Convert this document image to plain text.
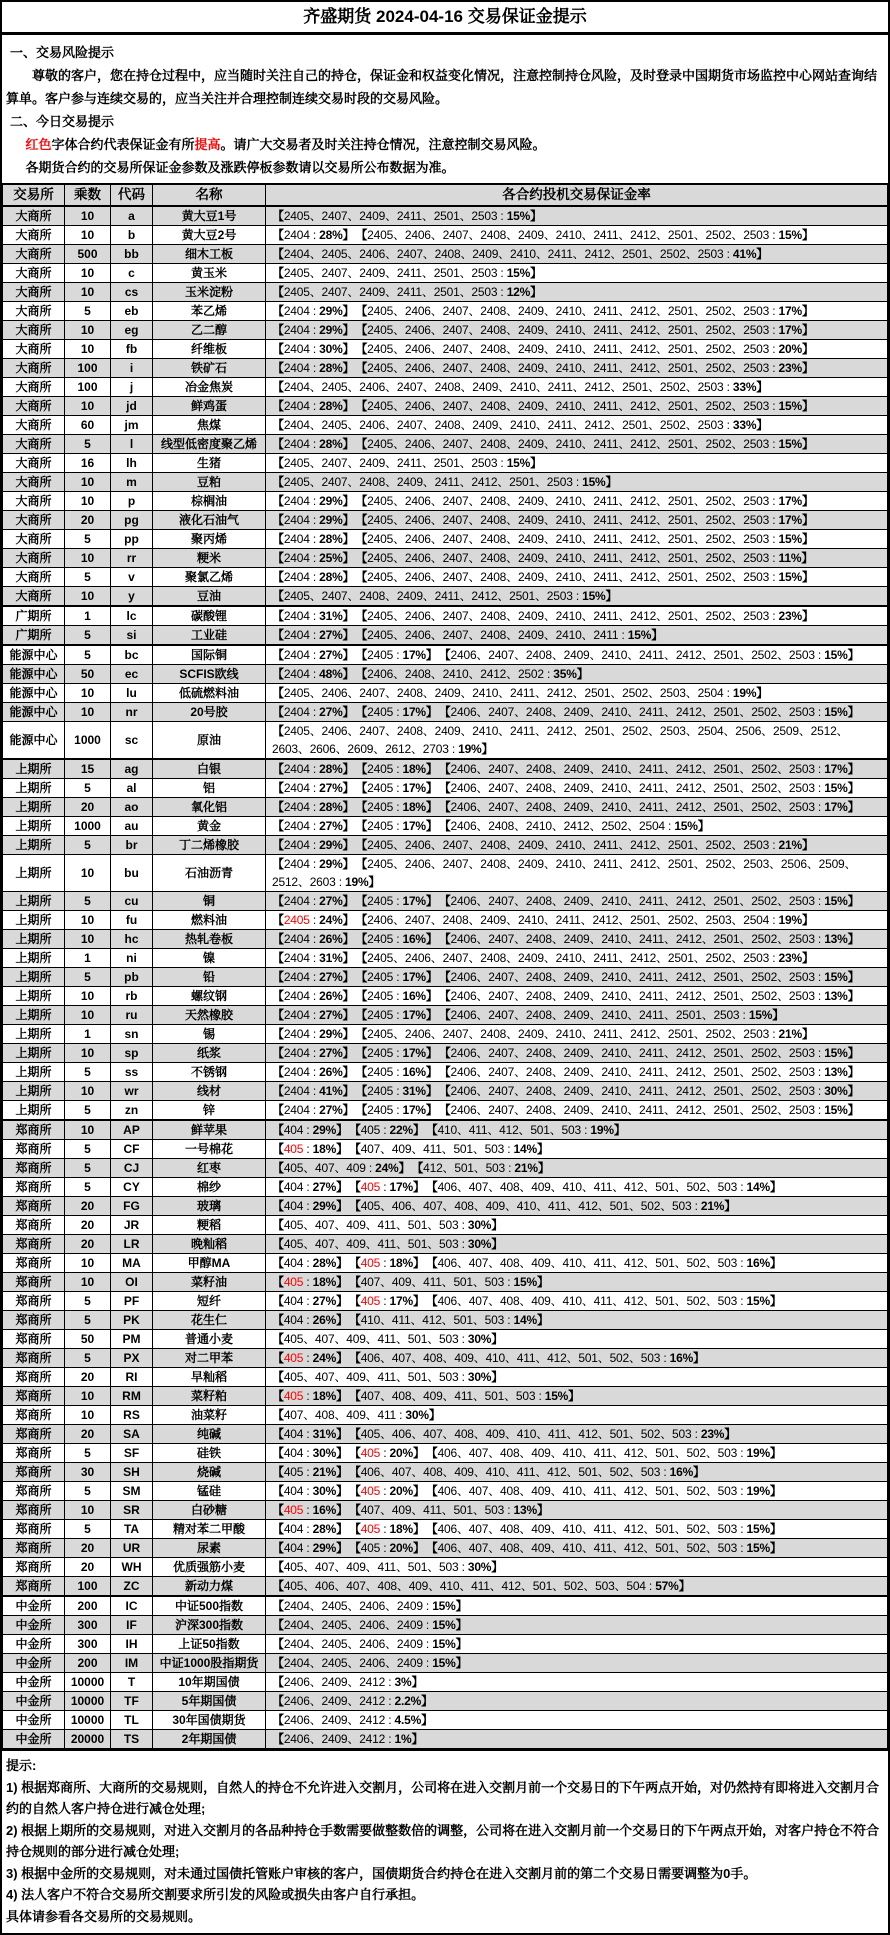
齐盛期货 2024-04-16 交易保证金提示
一、交易风险提示
尊敬的客户，您在持仓过程中，应当随时关注自己的持仓，保证金和权益变化情况，注意控制持仓风险，及时登录中国期货市场监控中心网站查询结算单。客户参与连续交易的，应当关注并合理控制连续交易时段的交易风险。
二、今日交易提示
红色字体合约代表保证金有所提高。请广大交易者及时关注持仓情况，注意控制交易风险。
各期货合约的交易所保证金参数及涨跌停板参数请以交易所公布数据为准。
交易所	乘数	代码	名称	各合约投机交易保证金率
大商所	10	a	黄大豆1号	【2405、2407、2409、2411、2501、2503 : 15%】
大商所	10	b	黄大豆2号	【2404 : 28%】 【2405、2406、2407、2408、2409、2410、2411、2412、2501、2502、2503 : 15%】
大商所	500	bb	细木工板	【2404、2405、2406、2407、2408、2409、2410、2411、2412、2501、2502、2503 : 41%】
大商所	10	c	黄玉米	【2405、2407、2409、2411、2501、2503 : 15%】
大商所	10	cs	玉米淀粉	【2405、2407、2409、2411、2501、2503 : 12%】
大商所	5	eb	苯乙烯	【2404 : 29%】 【2405、2406、2407、2408、2409、2410、2411、2412、2501、2502、2503 : 17%】
大商所	10	eg	乙二醇	【2404 : 29%】 【2405、2406、2407、2408、2409、2410、2411、2412、2501、2502、2503 : 17%】
大商所	10	fb	纤维板	【2404 : 30%】 【2405、2406、2407、2408、2409、2410、2411、2412、2501、2502、2503 : 20%】
大商所	100	i	铁矿石	【2404 : 28%】 【2405、2406、2407、2408、2409、2410、2411、2412、2501、2502、2503 : 23%】
大商所	100	j	冶金焦炭	【2404、2405、2406、2407、2408、2409、2410、2411、2412、2501、2502、2503 : 33%】
大商所	10	jd	鲜鸡蛋	【2404 : 28%】 【2405、2406、2407、2408、2409、2410、2411、2412、2501、2502、2503 : 15%】
大商所	60	jm	焦煤	【2404、2405、2406、2407、2408、2409、2410、2411、2412、2501、2502、2503 : 33%】
大商所	5	l	线型低密度聚乙烯	【2404 : 28%】 【2405、2406、2407、2408、2409、2410、2411、2412、2501、2502、2503 : 15%】
大商所	16	lh	生猪	【2405、2407、2409、2411、2501、2503 : 15%】
大商所	10	m	豆粕	【2405、2407、2408、2409、2411、2412、2501、2503 : 15%】
大商所	10	p	棕榈油	【2404 : 29%】 【2405、2406、2407、2408、2409、2410、2411、2412、2501、2502、2503 : 17%】
大商所	20	pg	液化石油气	【2404 : 29%】 【2405、2406、2407、2408、2409、2410、2411、2412、2501、2502、2503 : 17%】
大商所	5	pp	聚丙烯	【2404 : 28%】 【2405、2406、2407、2408、2409、2410、2411、2412、2501、2502、2503 : 15%】
大商所	10	rr	粳米	【2404 : 25%】 【2405、2406、2407、2408、2409、2410、2411、2412、2501、2502、2503 : 11%】
大商所	5	v	聚氯乙烯	【2404 : 28%】 【2405、2406、2407、2408、2409、2410、2411、2412、2501、2502、2503 : 15%】
大商所	10	y	豆油	【2405、2407、2408、2409、2411、2412、2501、2503 : 15%】
广期所	1	lc	碳酸锂	【2404 : 31%】 【2405、2406、2407、2408、2409、2410、2411、2412、2501、2502、2503 : 23%】
广期所	5	si	工业硅	【2404 : 27%】 【2405、2406、2407、2408、2409、2410、2411 : 15%】
能源中心	5	bc	国际铜	【2404 : 27%】 【2405 : 17%】 【2406、2407、2408、2409、2410、2411、2412、2501、2502、2503 : 15%】
能源中心	50	ec	SCFIS欧线	【2404 : 48%】 【2406、2408、2410、2412、2502 : 35%】
能源中心	10	lu	低硫燃料油	【2405、2406、2407、2408、2409、2410、2411、2412、2501、2502、2503、2504 : 19%】
能源中心	10	nr	20号胶	【2404 : 27%】 【2405 : 17%】 【2406、2407、2408、2409、2410、2411、2412、2501、2502、2503 : 15%】
能源中心	1000	sc	原油	【2405、2406、2407、2408、2409、2410、2411、2412、2501、2502、2503、2504、2506、2509、2512、2603、2606、2609、2612、2703 : 19%】
上期所	15	ag	白银	【2404 : 28%】 【2405 : 18%】 【2406、2407、2408、2409、2410、2411、2412、2501、2502、2503 : 17%】
上期所	5	al	铝	【2404 : 27%】 【2405 : 17%】 【2406、2407、2408、2409、2410、2411、2412、2501、2502、2503 : 15%】
上期所	20	ao	氧化铝	【2404 : 28%】 【2405 : 18%】 【2406、2407、2408、2409、2410、2411、2412、2501、2502、2503 : 17%】
上期所	1000	au	黄金	【2404 : 27%】 【2405 : 17%】 【2406、2408、2410、2412、2502、2504 : 15%】
上期所	5	br	丁二烯橡胶	【2404 : 29%】 【2405、2406、2407、2408、2409、2410、2411、2412、2501、2502、2503 : 21%】
上期所	10	bu	石油沥青	【2404 : 29%】 【2405、2406、2407、2408、2409、2410、2411、2412、2501、2502、2503、2506、2509、2512、2603 : 19%】
上期所	5	cu	铜	【2404 : 27%】 【2405 : 17%】 【2406、2407、2408、2409、2410、2411、2412、2501、2502、2503 : 15%】
上期所	10	fu	燃料油	【2405 : 24%】 【2406、2407、2408、2409、2410、2411、2412、2501、2502、2503、2504 : 19%】
上期所	10	hc	热轧卷板	【2404 : 26%】 【2405 : 16%】 【2406、2407、2408、2409、2410、2411、2412、2501、2502、2503 : 13%】
上期所	1	ni	镍	【2404 : 31%】 【2405、2406、2407、2408、2409、2410、2411、2412、2501、2502、2503 : 23%】
上期所	5	pb	铅	【2404 : 27%】 【2405 : 17%】 【2406、2407、2408、2409、2410、2411、2412、2501、2502、2503 : 15%】
上期所	10	rb	螺纹钢	【2404 : 26%】 【2405 : 16%】 【2406、2407、2408、2409、2410、2411、2412、2501、2502、2503 : 13%】
上期所	10	ru	天然橡胶	【2404 : 27%】 【2405 : 17%】 【2406、2407、2408、2409、2410、2411、2501、2503 : 15%】
上期所	1	sn	锡	【2404 : 29%】 【2405、2406、2407、2408、2409、2410、2411、2412、2501、2502、2503 : 21%】
上期所	10	sp	纸浆	【2404 : 27%】 【2405 : 17%】 【2406、2407、2408、2409、2410、2411、2412、2501、2502、2503 : 15%】
上期所	5	ss	不锈钢	【2404 : 26%】 【2405 : 16%】 【2406、2407、2408、2409、2410、2411、2412、2501、2502、2503 : 13%】
上期所	10	wr	线材	【2404 : 41%】 【2405 : 31%】 【2406、2407、2408、2409、2410、2411、2412、2501、2502、2503 : 30%】
上期所	5	zn	锌	【2404 : 27%】 【2405 : 17%】 【2406、2407、2408、2409、2410、2411、2412、2501、2502、2503 : 15%】
郑商所	10	AP	鲜苹果	【404 : 29%】 【405 : 22%】 【410、411、412、501、503 : 19%】
郑商所	5	CF	一号棉花	【405 : 18%】 【407、409、411、501、503 : 14%】
郑商所	5	CJ	红枣	【405、407、409 : 24%】 【412、501、503 : 21%】
郑商所	5	CY	棉纱	【404 : 27%】 【405 : 17%】 【406、407、408、409、410、411、412、501、502、503 : 14%】
郑商所	20	FG	玻璃	【404 : 29%】 【405、406、407、408、409、410、411、412、501、502、503 : 21%】
郑商所	20	JR	粳稻	【405、407、409、411、501、503 : 30%】
郑商所	20	LR	晚籼稻	【405、407、409、411、501、503 : 30%】
郑商所	10	MA	甲醇MA	【404 : 28%】 【405 : 18%】 【406、407、408、409、410、411、412、501、502、503 : 16%】
郑商所	10	OI	菜籽油	【405 : 18%】 【407、409、411、501、503 : 15%】
郑商所	5	PF	短纤	【404 : 27%】 【405 : 17%】 【406、407、408、409、410、411、412、501、502、503 : 15%】
郑商所	5	PK	花生仁	【404 : 26%】 【410、411、412、501、503 : 14%】
郑商所	50	PM	普通小麦	【405、407、409、411、501、503 : 30%】
郑商所	5	PX	对二甲苯	【405 : 24%】 【406、407、408、409、410、411、412、501、502、503 : 16%】
郑商所	20	RI	早籼稻	【405、407、409、411、501、503 : 30%】
郑商所	10	RM	菜籽粕	【405 : 18%】 【407、408、409、411、501、503 : 15%】
郑商所	10	RS	油菜籽	【407、408、409、411 : 30%】
郑商所	20	SA	纯碱	【404 : 31%】 【405、406、407、408、409、410、411、412、501、502、503 : 23%】
郑商所	5	SF	硅铁	【404 : 30%】 【405 : 20%】 【406、407、408、409、410、411、412、501、502、503 : 19%】
郑商所	30	SH	烧碱	【405 : 21%】 【406、407、408、409、410、411、412、501、502、503 : 16%】
郑商所	5	SM	锰硅	【404 : 30%】 【405 : 20%】 【406、407、408、409、410、411、412、501、502、503 : 19%】
郑商所	10	SR	白砂糖	【405 : 16%】 【407、409、411、501、503 : 13%】
郑商所	5	TA	精对苯二甲酸	【404 : 28%】 【405 : 18%】 【406、407、408、409、410、411、412、501、502、503 : 15%】
郑商所	20	UR	尿素	【404 : 29%】 【405 : 20%】 【406、407、408、409、410、411、412、501、502、503 : 15%】
郑商所	20	WH	优质强筋小麦	【405、407、409、411、501、503 : 30%】
郑商所	100	ZC	新动力煤	【405、406、407、408、409、410、411、412、501、502、503、504 : 57%】
中金所	200	IC	中证500指数	【2404、2405、2406、2409 : 15%】
中金所	300	IF	沪深300指数	【2404、2405、2406、2409 : 15%】
中金所	300	IH	上证50指数	【2404、2405、2406、2409 : 15%】
中金所	200	IM	中证1000股指期货	【2404、2405、2406、2409 : 15%】
中金所	10000	T	10年期国债	【2406、2409、2412 : 3%】
中金所	10000	TF	5年期国债	【2406、2409、2412 : 2.2%】
中金所	10000	TL	30年国债期货	【2406、2409、2412 : 4.5%】
中金所	20000	TS	2年期国债	【2406、2409、2412 : 1%】
提示:
1) 根据郑商所、大商所的交易规则，自然人的持仓不允许进入交割月，公司将在进入交割月前一个交易日的下午两点开始，对仍然持有即将进入交割月合约的自然人客户持仓进行减仓处理;
2) 根据上期所的交易规则，对进入交割月的各品种持仓手数需要做整数倍的调整，公司将在进入交割月前一个交易日的下午两点开始，对客户持仓不符合持仓规则的部分进行减仓处理;
3) 根据中金所的交易规则，对未通过国债托管账户审核的客户，国债期货合约持仓在进入交割月前的第二个交易日需要调整为0手。
4) 法人客户不符合交易所交割要求所引发的风险或损失由客户自行承担。
具体请参看各交易所的交易规则。
